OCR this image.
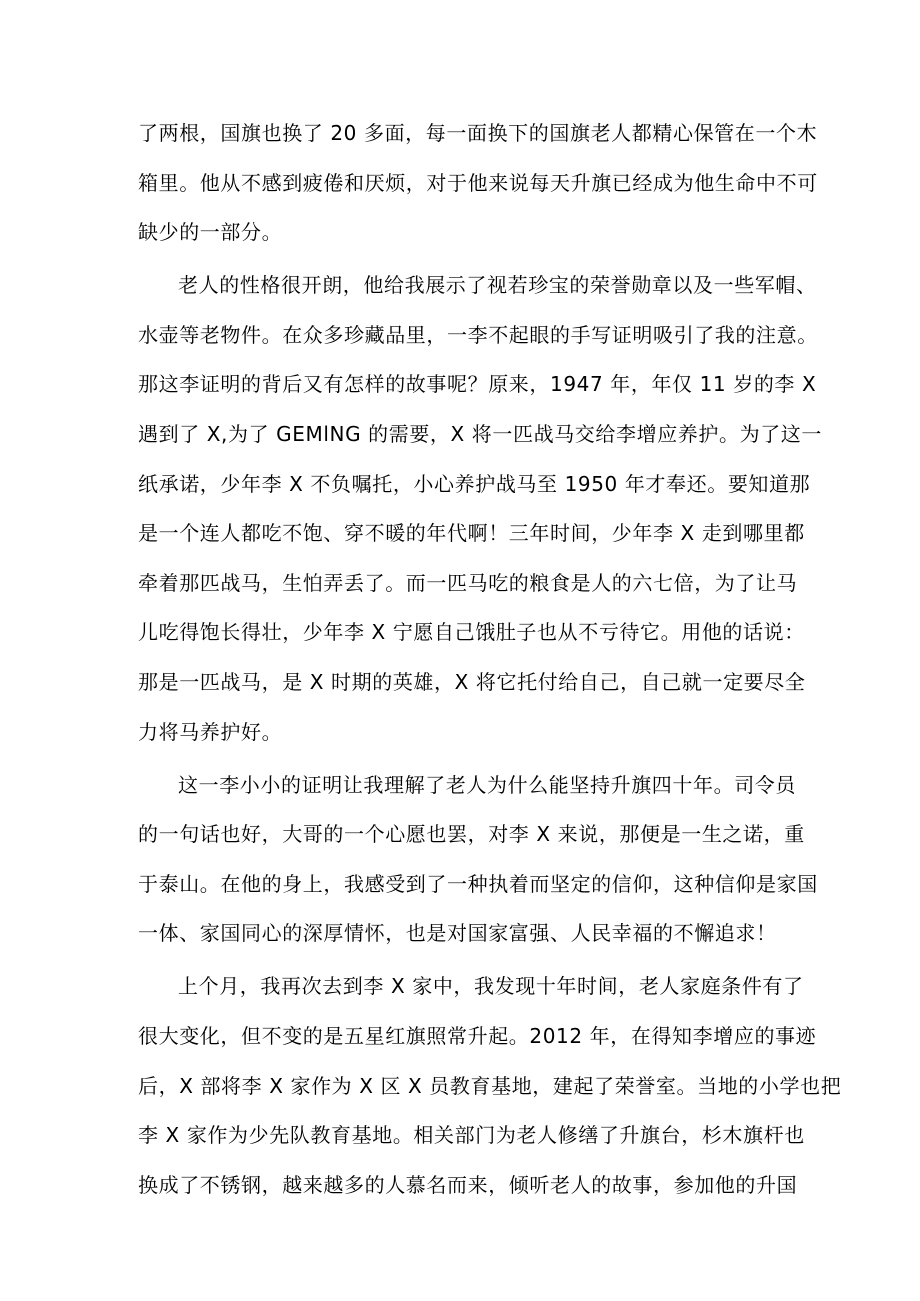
了两根，国旗也换了 20 多面，每一面换下的国旗老人都精心保管在一个木
箱里。他从不感到疲倦和厌烦，对于他来说每天升旗已经成为他生命中不可
缺少的一部分。
老人的性格很开朗，他给我展示了视若珍宝的荣誉勋章以及一些军帽、
水壶等老物件。在众多珍藏品里，一李不起眼的手写证明吸引了我的注意。
那这李证明的背后又有怎样的故事呢？原来，1947 年，年仅 11 岁的李 X
遇到了 X,为了 GEMlNG 的需要，X 将一匹战马交给李增应养护。为了这一
纸承诺，少年李 X 不负嘱托，小心养护战马至 1950 年才奉还。要知道那
是一个连人都吃不饱、穿不暖的年代啊！三年时间，少年李 X 走到哪里都
牵着那匹战马，生怕弄丢了。而一匹马吃的粮食是人的六七倍，为了让马
儿吃得饱长得壮，少年李 X 宁愿自己饿肚子也从不亏待它。用他的话说：
那是一匹战马，是 X 时期的英雄，X 将它托付给自己，自己就一定要尽全
力将马养护好。
这一李小小的证明让我理解了老人为什么能坚持升旗四十年。司令员
的一句话也好，大哥的一个心愿也罢，对李 X 来说，那便是一生之诺，重
于泰山。在他的身上，我感受到了一种执着而坚定的信仰，这种信仰是家国
一体、家国同心的深厚情怀，也是对国家富强、人民幸福的不懈追求！
上个月，我再次去到李 X 家中，我发现十年时间，老人家庭条件有了
很大变化，但不变的是五星红旗照常升起。2012 年，在得知李增应的事迹
后，X 部将李 X 家作为 X 区 X 员教育基地，建起了荣誉室。当地的小学也把
李 X 家作为少先队教育基地。相关部门为老人修缮了升旗台，杉木旗杆也
换成了不锈钢，越来越多的人慕名而来，倾听老人的故事，参加他的升国
